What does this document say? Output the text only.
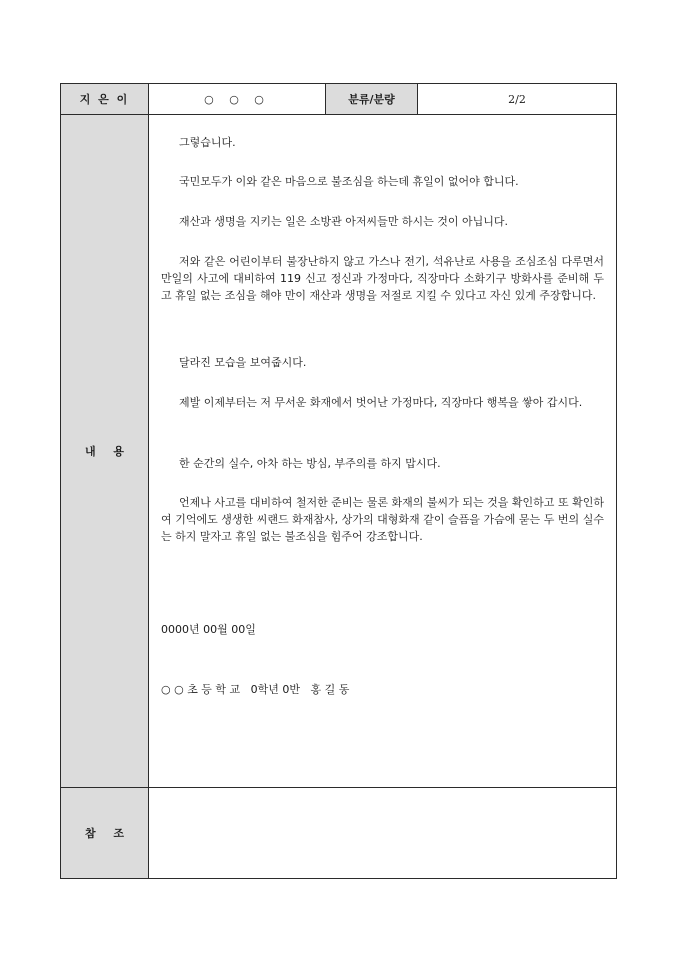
지 은 이	○ ○ ○	분류/분량	2/2
내 용

그렇습니다.

국민모두가 이와 같은 마음으로 불조심을 하는데 휴일이 없어야 합니다.

재산과 생명을 지키는 일은 소방관 아저씨들만 하시는 것이 아닙니다.

저와 같은 어린이부터 불장난하지 않고 가스나 전기, 석유난로 사용을 조심조심 다루면서 만일의 사고에 대비하여 119 신고 정신과 가정마다, 직장마다 소화기구 방화사를 준비해 두고 휴일 없는 조심을 해야 만이 재산과 생명을 저절로 지킬 수 있다고 자신 있게 주장합니다.

달라진 모습을 보여줍시다.

제발 이제부터는 저 무서운 화재에서 벗어난 가정마다, 직장마다 행복을 쌓아 갑시다.

한 순간의 실수, 아차 하는 방심, 부주의를 하지 맙시다.

언제나 사고를 대비하여 철저한 준비는 물론 화재의 불씨가 되는 것을 확인하고 또 확인하여 기억에도 생생한 씨랜드 화재참사, 상가의 대형화재 같이 슬픔을 가슴에 묻는 두 번의 실수는 하지 말자고 휴일 없는 불조심을 힘주어 강조합니다.

0000년 00월 00일

○ ○ 초 등 학 교   0학년 0반   홍 길 동

참 조
